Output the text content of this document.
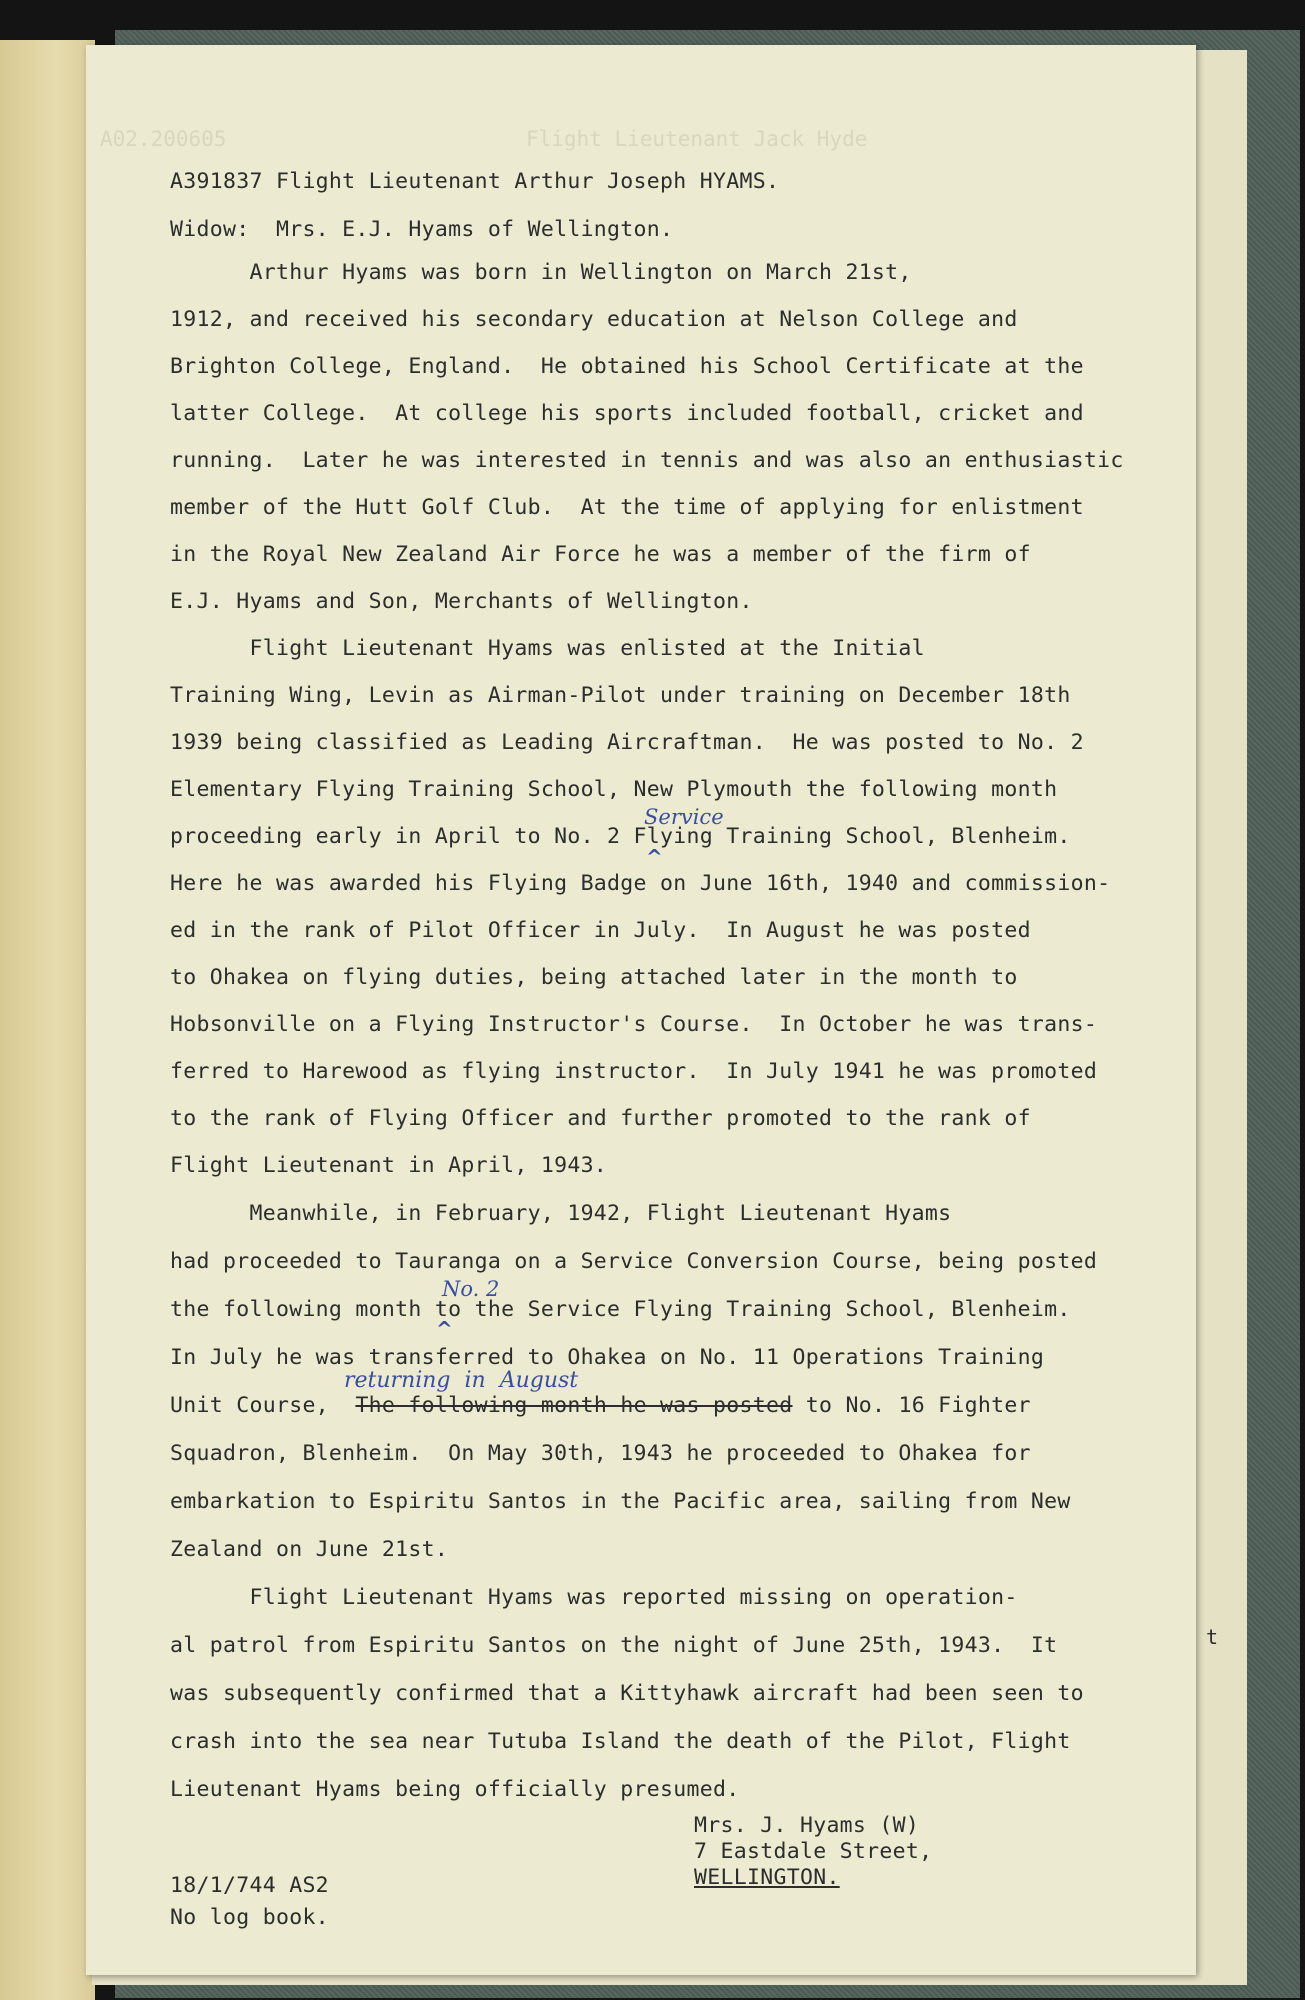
A02.200605	Flight Lieutenant Jack Hyde
A391837 Flight Lieutenant Arthur Joseph HYAMS.
Widow:  Mrs. E.J. Hyams of Wellington.
Arthur Hyams was born in Wellington on March 21st,
1912, and received his secondary education at Nelson College and
Brighton College, England.  He obtained his School Certificate at the
latter College.  At college his sports included football, cricket and
running.  Later he was interested in tennis and was also an enthusiastic
member of the Hutt Golf Club.  At the time of applying for enlistment
in the Royal New Zealand Air Force he was a member of the firm of
E.J. Hyams and Son, Merchants of Wellington.
Flight Lieutenant Hyams was enlisted at the Initial
Training Wing, Levin as Airman-Pilot under training on December 18th
1939 being classified as Leading Aircraftman.  He was posted to No. 2
Elementary Flying Training School, New Plymouth the following month
Service
proceeding early in April to No. 2 Flying Training School, Blenheim.
^
Here he was awarded his Flying Badge on June 16th, 1940 and commission-
ed in the rank of Pilot Officer in July.  In August he was posted
to Ohakea on flying duties, being attached later in the month to
Hobsonville on a Flying Instructor's Course.  In October he was trans-
ferred to Harewood as flying instructor.  In July 1941 he was promoted
to the rank of Flying Officer and further promoted to the rank of
Flight Lieutenant in April, 1943.
Meanwhile, in February, 1942, Flight Lieutenant Hyams
had proceeded to Tauranga on a Service Conversion Course, being posted
No. 2
the following month to the Service Flying Training School, Blenheim.
^
In July he was transferred to Ohakea on No. 11 Operations Training
returning  in  August
Unit Course, The following month he was posted to No. 16 Fighter
Squadron, Blenheim.  On May 30th, 1943 he proceeded to Ohakea for
embarkation to Espiritu Santos in the Pacific area, sailing from New
Zealand on June 21st.
Flight Lieutenant Hyams was reported missing on operation-
al patrol from Espiritu Santos on the night of June 25th, 1943.  It
was subsequently confirmed that a Kittyhawk aircraft had been seen to
crash into the sea near Tutuba Island the death of the Pilot, Flight
Lieutenant Hyams being officially presumed.
Mrs. J. Hyams (W)
7 Eastdale Street,
WELLINGTON.
18/1/744 AS2
No log book.
t
